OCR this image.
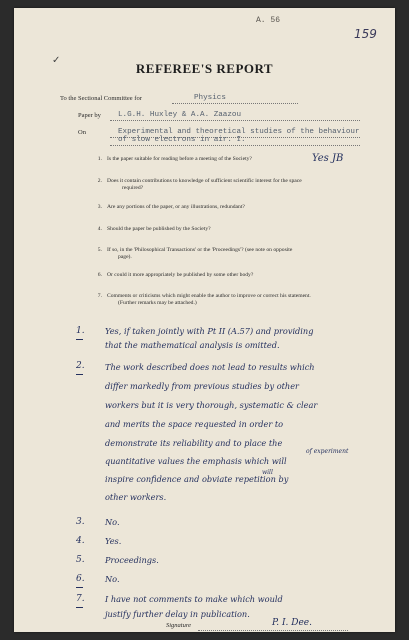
A. 56
159
✓
REFEREE'S REPORT
To the Sectional Committee for	Physics
Paper by L.G.H. Huxley & A.A. Zaazou
On	Experimental and theoretical studies of the behaviour
of slow electrons in air. I.
1. Is the paper suitable for reading before a meeting of the Society?	Yes JB
2. Does it contain contributions to knowledge of sufficient scientific interest for the space
required?
3. Are any portions of the paper, or any illustrations, redundant?
4. Should the paper be published by the Society?
5. If so, in the 'Philosophical Transactions' or the 'Proceedings'? (see note on opposite
page).
6. Or could it more appropriately be published by some other body?
7. Comments or criticisms which might enable the author to improve or correct his statement.
(Further remarks may be attached.)
1. Yes, if taken jointly with Pt II (A.57) and providing
that the mathematical analysis is omitted.
2. The work described does not lead to results which
differ markedly from previous studies by other
workers but it is very thorough, systematic & clear
and merits the space requested in order to
demonstrate its reliability and to place the
of experiment
quantitative values the emphasis which will
inspire confidence and obviate repetition by
other workers.
will
3. No.
4. Yes.
5. Proceedings.
6. No.
7. I have not comments to make which would
justify further delay in publication.
Signature	P. I. Dee.
